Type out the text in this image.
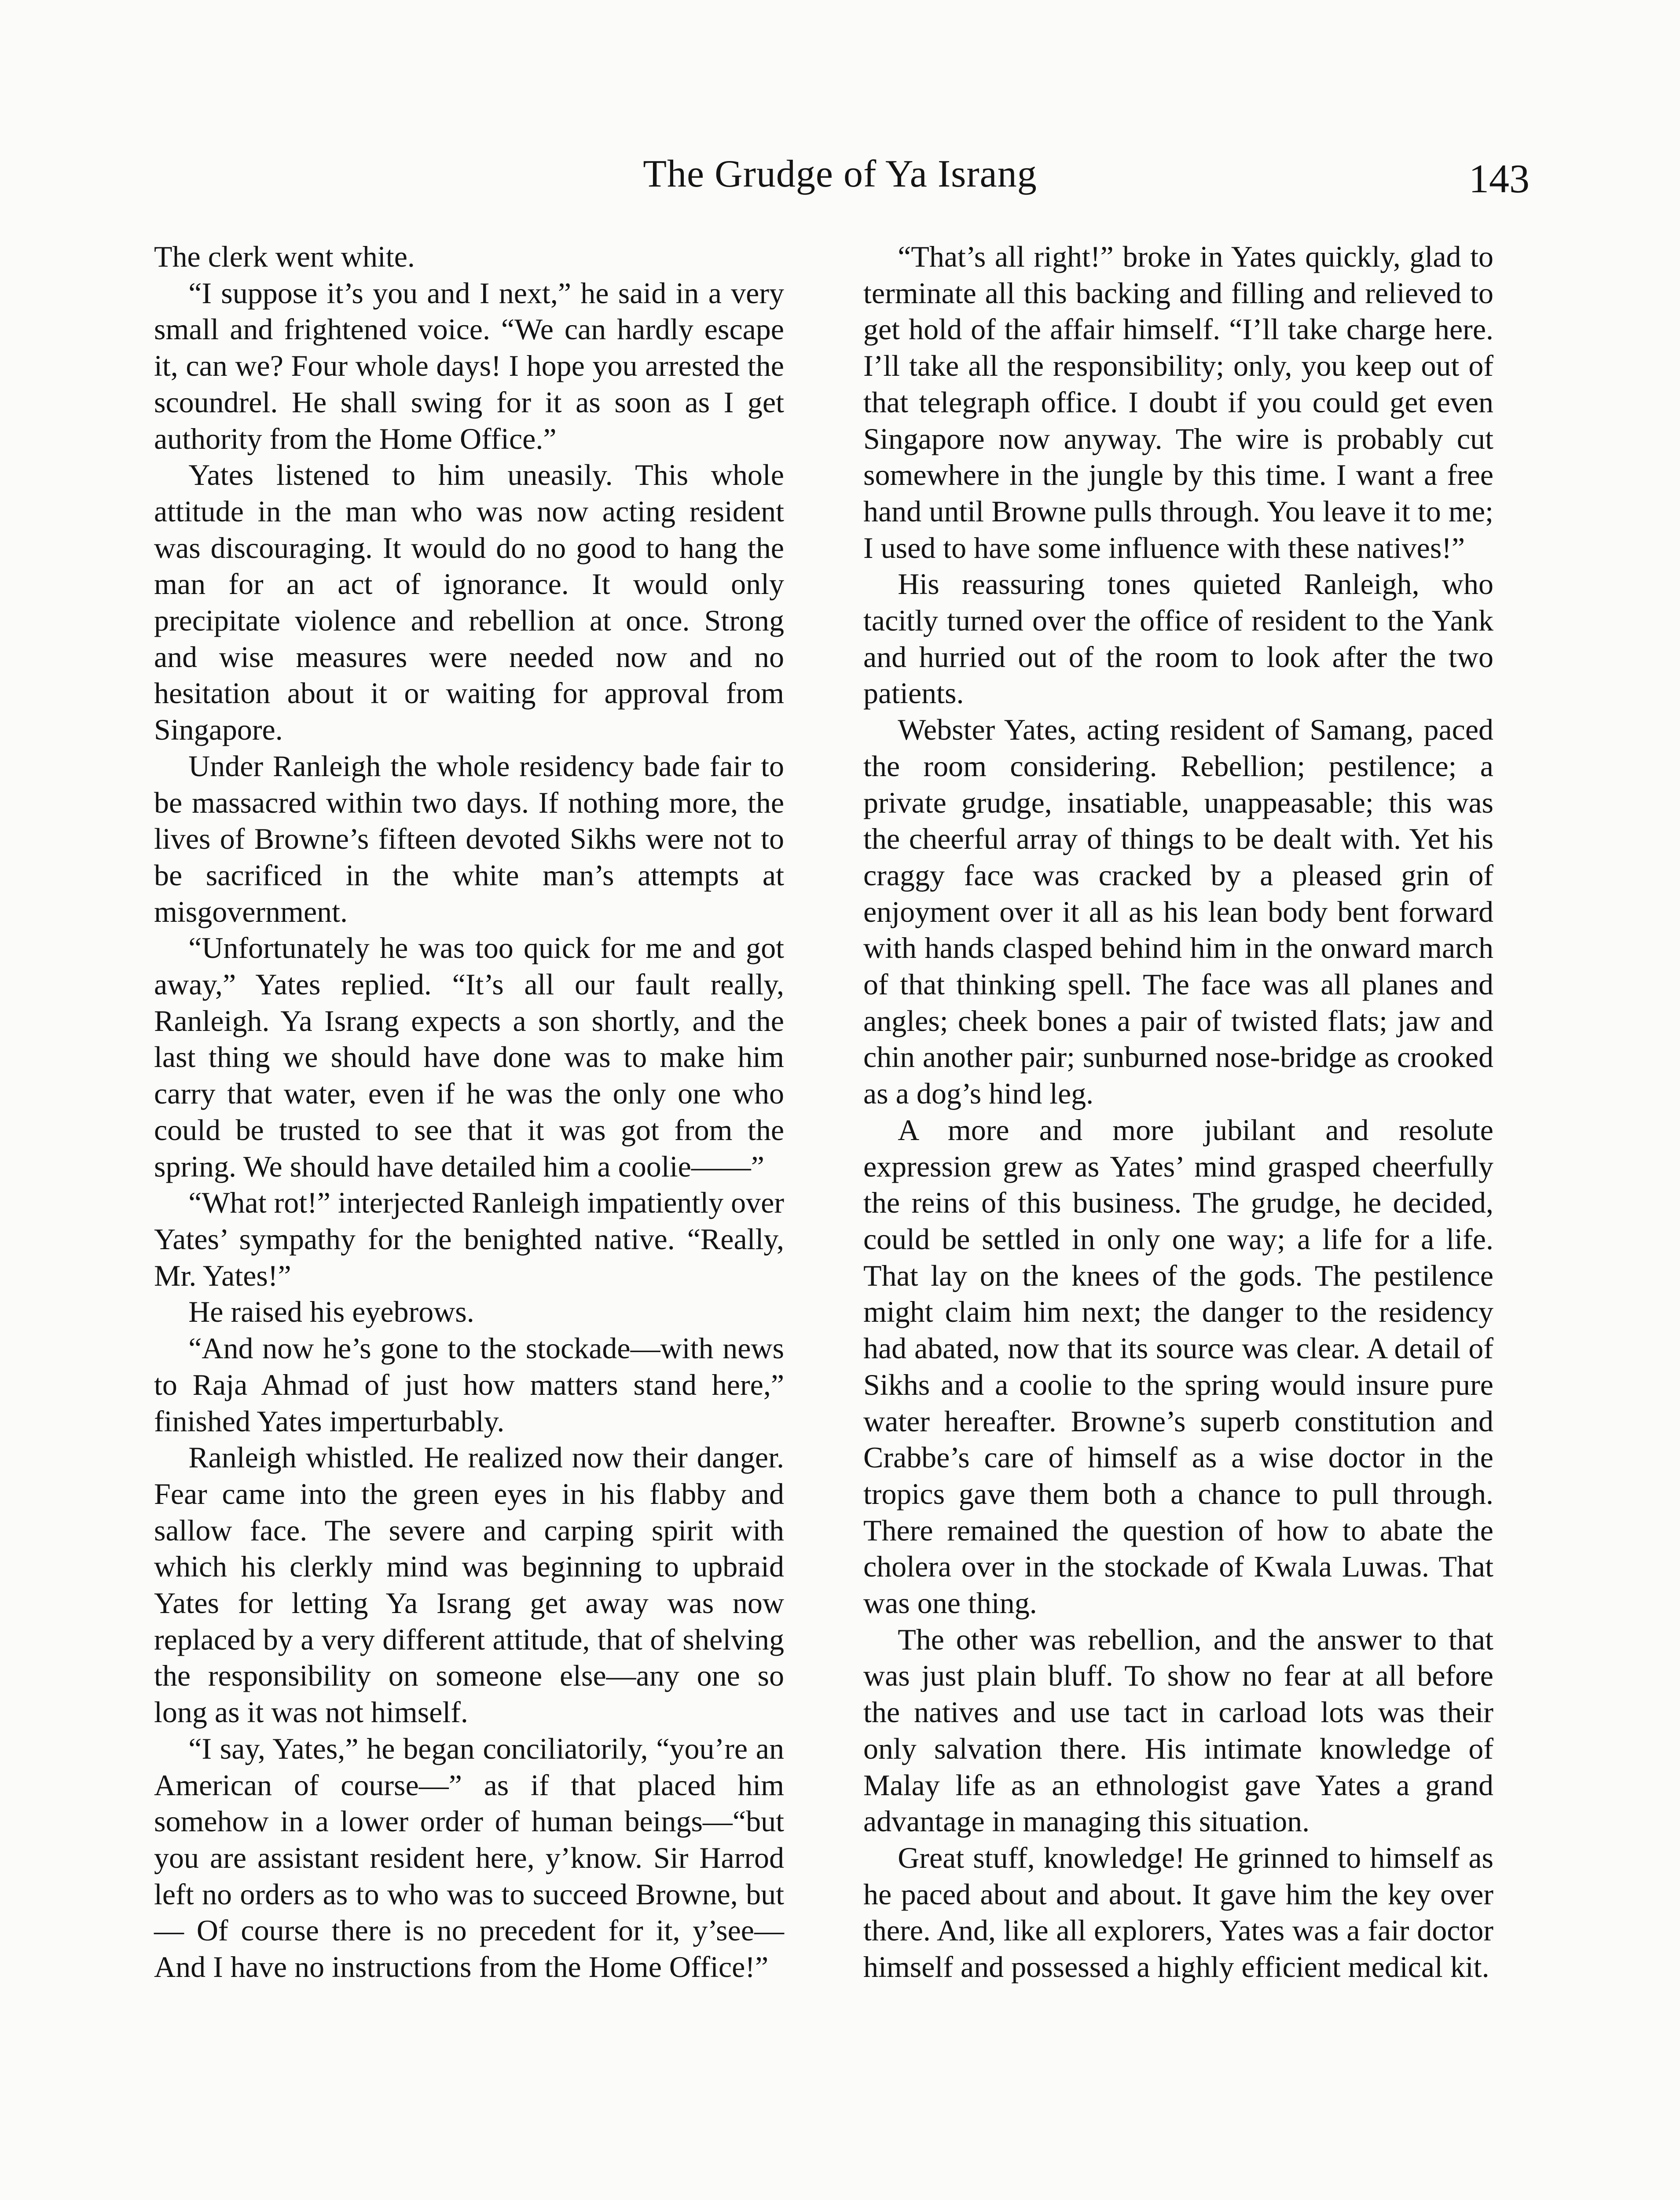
The Grudge of Ya Israng	143

The clerk went white.

“I suppose it’s you and I next,” he said in a very small and frightened voice. “We can hardly escape it, can we? Four whole days! I hope you arrested the scoundrel. He shall swing for it as soon as I get authority from the Home Office.”

Yates listened to him uneasily. This whole attitude in the man who was now acting resident was discouraging. It would do no good to hang the man for an act of ignorance. It would only precipitate violence and rebellion at once. Strong and wise measures were needed now and no hesitation about it or waiting for approval from Singapore.

Under Ranleigh the whole residency bade fair to be massacred within two days. If nothing more, the lives of Browne’s fifteen devoted Sikhs were not to be sacrificed in the white man’s attempts at misgovernment.

“Unfortunately he was too quick for me and got away,” Yates replied. “It’s all our fault really, Ranleigh. Ya Israng expects a son shortly, and the last thing we should have done was to make him carry that water, even if he was the only one who could be trusted to see that it was got from the spring. We should have detailed him a coolie——”

“What rot!” interjected Ranleigh impatiently over Yates’ sympathy for the benighted native. “Really, Mr. Yates!”

He raised his eyebrows.

“And now he’s gone to the stockade—with news to Raja Ahmad of just how matters stand here,” finished Yates imperturbably.

Ranleigh whistled. He realized now their danger. Fear came into the green eyes in his flabby and sallow face. The severe and carping spirit with which his clerkly mind was beginning to upbraid Yates for letting Ya Israng get away was now replaced by a very different attitude, that of shelving the responsibility on someone else—any one so long as it was not himself.

“I say, Yates,” he began conciliatorily, “you’re an American of course—” as if that placed him somehow in a lower order of human beings—“but you are assistant resident here, y’know. Sir Harrod left no orders as to who was to succeed Browne, but— Of course there is no precedent for it, y’see— And I have no instructions from the Home Office!”

“That’s all right!” broke in Yates quickly, glad to terminate all this backing and filling and relieved to get hold of the affair himself. “I’ll take charge here. I’ll take all the responsibility; only, you keep out of that telegraph office. I doubt if you could get even Singapore now anyway. The wire is probably cut somewhere in the jungle by this time. I want a free hand until Browne pulls through. You leave it to me; I used to have some influence with these natives!”

His reassuring tones quieted Ranleigh, who tacitly turned over the office of resident to the Yank and hurried out of the room to look after the two patients.

Webster Yates, acting resident of Samang, paced the room considering. Rebellion; pestilence; a private grudge, insatiable, unappeasable; this was the cheerful array of things to be dealt with. Yet his craggy face was cracked by a pleased grin of enjoyment over it all as his lean body bent forward with hands clasped behind him in the onward march of that thinking spell. The face was all planes and angles; cheek bones a pair of twisted flats; jaw and chin another pair; sunburned nose-bridge as crooked as a dog’s hind leg.

A more and more jubilant and resolute expression grew as Yates’ mind grasped cheerfully the reins of this business. The grudge, he decided, could be settled in only one way; a life for a life. That lay on the knees of the gods. The pestilence might claim him next; the danger to the residency had abated, now that its source was clear. A detail of Sikhs and a coolie to the spring would insure pure water hereafter. Browne’s superb constitution and Crabbe’s care of himself as a wise doctor in the tropics gave them both a chance to pull through. There remained the question of how to abate the cholera over in the stockade of Kwala Luwas. That was one thing.

The other was rebellion, and the answer to that was just plain bluff. To show no fear at all before the natives and use tact in carload lots was their only salvation there. His intimate knowledge of Malay life as an ethnologist gave Yates a grand advantage in managing this situation.

Great stuff, knowledge! He grinned to himself as he paced about and about. It gave him the key over there. And, like all explorers, Yates was a fair doctor himself and possessed a highly efficient medical kit.
